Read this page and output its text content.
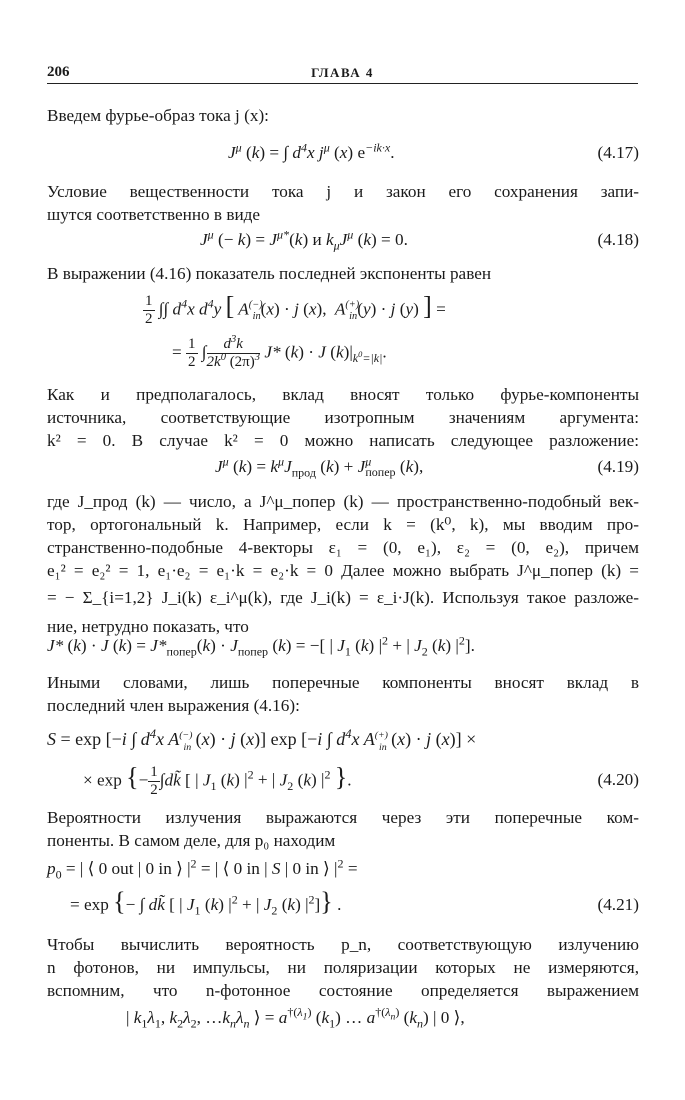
206	ГЛАВА 4
Введем фурье-образ тока j (x):
$J^\mu$ (k) = ∫ $d^4x$ $j^\mu$ (x) $e^{-ik\cdot x}$.	(4.17)
Условие вещественности тока j и закон его сохранения запи-
шутся соответственно в виде
$J^\mu$ (− $k) = J^{\mu*}(k)$ и $k_\mu J^\mu$ (k) = 0.	(4.18)
В выражении (4.16) показатель последней экспоненты равен
$\frac{1}{2}$ ∫∫ $d^4x$ $d^4y$ [ $A^{(-)}_{in}(x) \cdot j$ (x),  $A^{(+)}_{in}(y) \cdot j$ (y) ] =
= $\frac{1}{2}$ ∫ $\frac{d^3k}{2k^0 (2\pi)^3} J*$ (k) · J $(k)|_{k^0=|k|}$.
Как и предполагалось, вклад вносят только фурье-компоненты
источника, соответствующие изотропным значениям аргумента:
k² = 0. В случае k² = 0 можно написать следующее разложение:
$J^\mu$ $(k) = k^\mu J_{прод}$ $(k) + J^\mu_{попер}$ (k),	(4.19)
где J_прод (k) — число, а J^μ_попер (k) — пространственно-подобный век-
тор, ортогональный k. Например, если k = (k⁰, k), мы вводим про-
странственно-подобные 4-векторы ε₁ = (0, e₁), ε₂ = (0, e₂), причем
e₁² = e₂² = 1, e₁·e₂ = e₁·k = e₂·k = 0 Далее можно выбрать J^μ_попер (k) =
= − Σ_{i=1,2} J_i(k) ε_i^μ(k), где J_i(k) = ε_i·J(k). Используя такое разложе-
ние, нетрудно показать, что
J* (k) · J $(k) = J*_{попер}(k) \cdot J_{попер}$ (k) = −[ | $J_1$ (k) $|^2$ + | $J_2$ (k) $|^2$].
Иными словами, лишь поперечные компоненты вносят вклад в
последний член выражения (4.16):
S = exp [−i ∫ $d^4x$ $A^{(-)}_{in}$ (x) · j (x)] exp [−i ∫ $d^4x$ $A^{(+)}_{in}$ (x) · j (x)] ×
× exp {− $\frac{1}{2}$ ∫dk̃ [ | $J_1$ (k) $|^2$ + | $J_2$ (k) $|^2$ }.	(4.20)
Вероятности излучения выражаются через эти поперечные ком-
поненты. В самом деле, для p₀ находим
$p_0$ = | ⟨ 0 out | 0 in ⟩ $|^2$ = | ⟨ 0 in | S | 0 in ⟩ $|^2$ =
= exp {− ∫ dk̃ [ | $J_1$ (k) $|^2$ + | $J_2$ (k) $|^2$]} .	(4.21)
Чтобы вычислить вероятность p_n, соответствующую излучению
n фотонов, ни импульсы, ни поляризации которых не измеряются,
вспомним, что n-фотонное состояние определяется выражением
| $k_1\lambda_1$, $k_2\lambda_2$, $\dots k_n\lambda_n$ ⟩ = $a^{\dagger(\lambda_1)}$ $(k_1)$ … $a^{\dagger(\lambda_n)}$ $(k_n)$ | 0 ⟩,
